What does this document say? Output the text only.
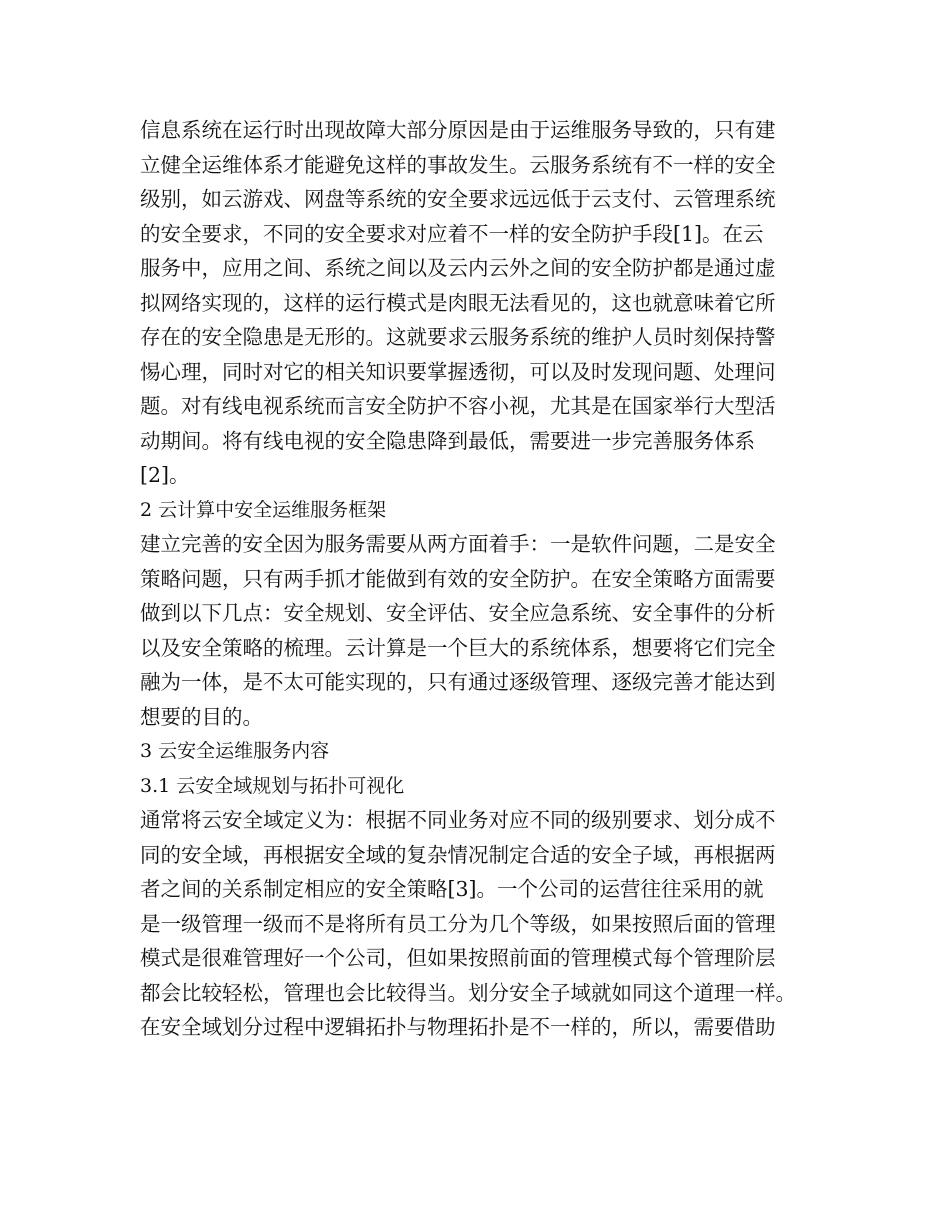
信息系统在运行时出现故障大部分原因是由于运维服务导致的，只有建
立健全运维体系才能避免这样的事故发生。云服务系统有不一样的安全
级别，如云游戏、网盘等系统的安全要求远远低于云支付、云管理系统
的安全要求，不同的安全要求对应着不一样的安全防护手段[1]。在云
服务中，应用之间、系统之间以及云内云外之间的安全防护都是通过虚
拟网络实现的，这样的运行模式是肉眼无法看见的，这也就意味着它所
存在的安全隐患是无形的。这就要求云服务系统的维护人员时刻保持警
惕心理，同时对它的相关知识要掌握透彻，可以及时发现问题、处理问
题。对有线电视系统而言安全防护不容小视，尤其是在国家举行大型活
动期间。将有线电视的安全隐患降到最低，需要进一步完善服务体系
[2]。
2 云计算中安全运维服务框架
建立完善的安全因为服务需要从两方面着手：一是软件问题，二是安全
策略问题，只有两手抓才能做到有效的安全防护。在安全策略方面需要
做到以下几点：安全规划、安全评估、安全应急系统、安全事件的分析
以及安全策略的梳理。云计算是一个巨大的系统体系，想要将它们完全
融为一体，是不太可能实现的，只有通过逐级管理、逐级完善才能达到
想要的目的。
3 云安全运维服务内容
3.1 云安全域规划与拓扑可视化
通常将云安全域定义为：根据不同业务对应不同的级别要求、划分成不
同的安全域，再根据安全域的复杂情况制定合适的安全子域，再根据两
者之间的关系制定相应的安全策略[3]。一个公司的运营往往采用的就
是一级管理一级而不是将所有员工分为几个等级，如果按照后面的管理
模式是很难管理好一个公司，但如果按照前面的管理模式每个管理阶层
都会比较轻松，管理也会比较得当。划分安全子域就如同这个道理一样。
在安全域划分过程中逻辑拓扑与物理拓扑是不一样的，所以，需要借助
